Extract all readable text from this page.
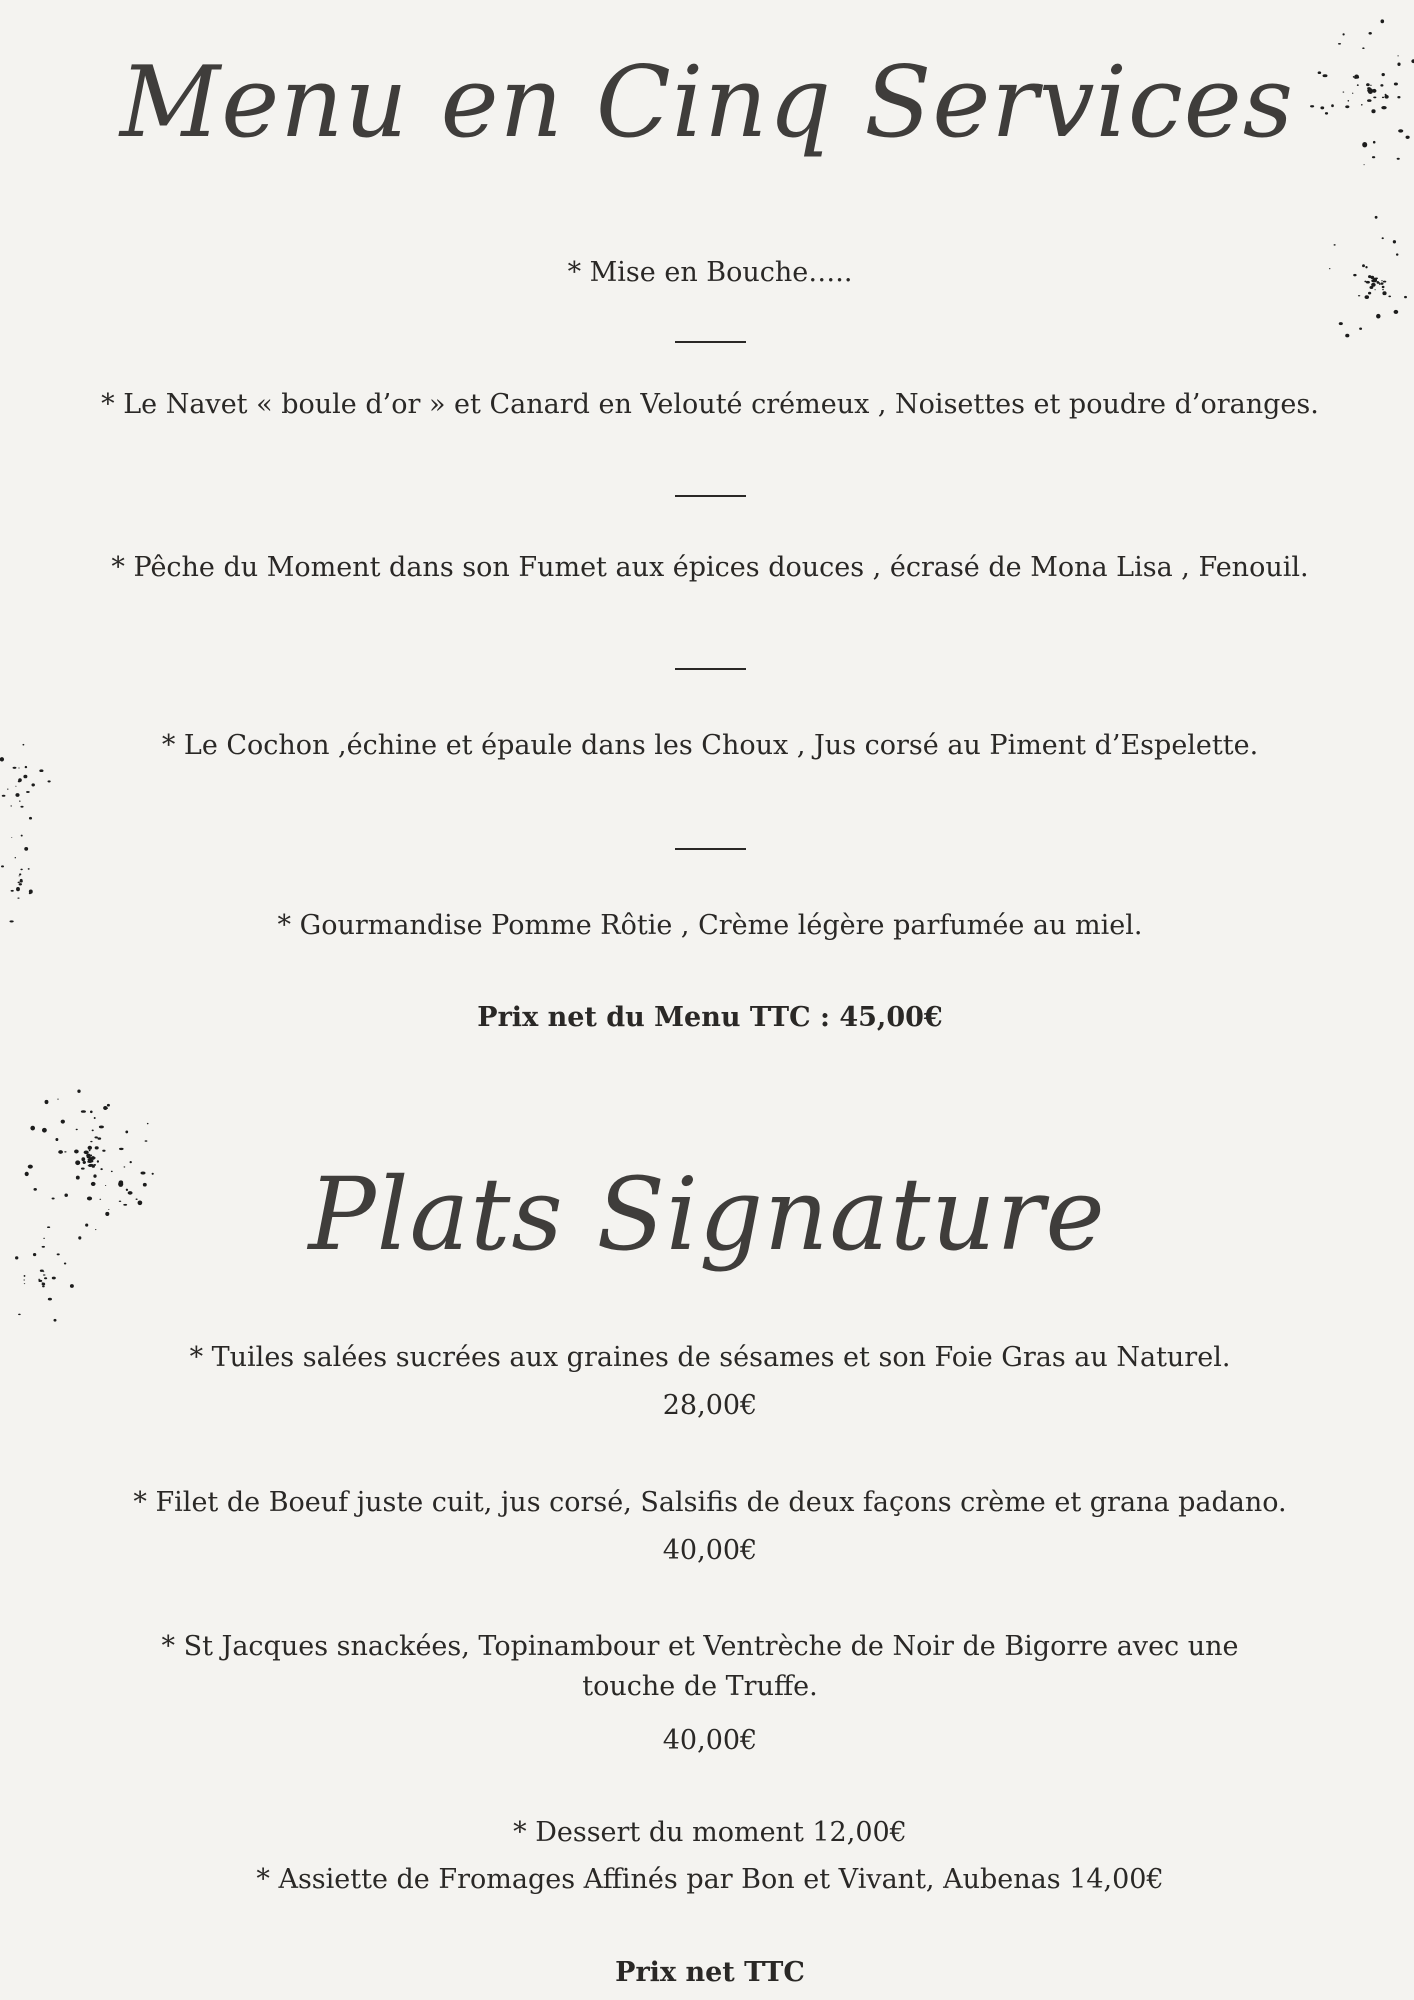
Menu en Cinq Services
* Mise en Bouche…..
* Le Navet « boule d’or » et Canard en Velouté crémeux , Noisettes et poudre d’oranges.
* Pêche du Moment dans son Fumet aux épices douces , écrasé de Mona Lisa , Fenouil.
* Le Cochon ,échine et épaule dans les Choux , Jus corsé au Piment d’Espelette.
* Gourmandise Pomme Rôtie , Crème légère parfumée au miel.
Prix net du Menu TTC : 45,00€
Plats Signature
* Tuiles salées sucrées aux graines de sésames et son Foie Gras au Naturel.
28,00€
* Filet de Boeuf juste cuit, jus corsé, Salsifis de deux façons crème et grana padano.
40,00€
* St Jacques snackées, Topinambour et Ventrèche de Noir de Bigorre avec une touche de Truffe.
40,00€
* Dessert du moment 12,00€
* Assiette de Fromages Affinés par Bon et Vivant, Aubenas 14,00€
Prix net TTC
